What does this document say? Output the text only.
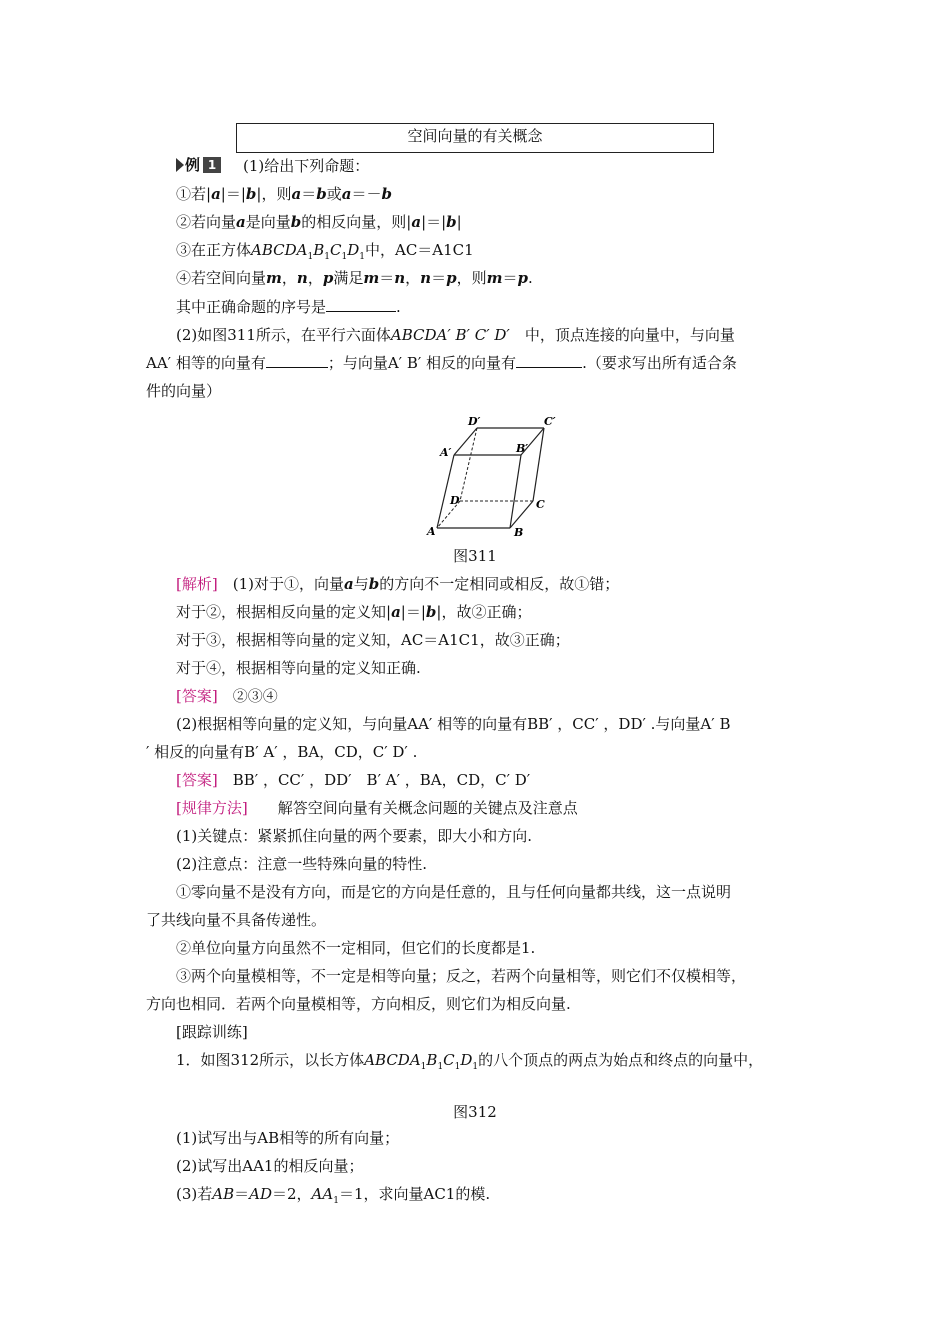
空间向量的有关概念
例 1	(1)给出下列命题：
①若|a|＝|b|，则a＝b或a＝－b
②若向量a是向量b的相反向量，则|a|＝|b|
③在正方体$ABCDA_1B_1C_1D_1$中，AC＝A1C1
④若空间向量m，n，p满足m＝n，n＝p，则m＝p.
其中正确命题的序号是	.
(2)如图311所示，在平行六面体ABCDA′ B′ C′ D′　 中，顶点连接的向量中，与向量
AA′ 相等的向量有	；与向量A′ B′ 相反的向量有	.（要求写出所有适合条
件的向量）
D′	C′
A′	B′
D	C
A	B
图311
[解析]　 (1)对于①，向量a与b的方向不一定相同或相反，故①错；
对于②，根据相反向量的定义知|a|＝|b|，故②正确；
对于③，根据相等向量的定义知，AC＝A1C1，故③正确；
对于④，根据相等向量的定义知正确.
[答案]　 ②③④
(2)根据相等向量的定义知，与向量AA′ 相等的向量有BB′ ，CC′ ，DD′ .与向量A′ B
′ 相反的向量有B′ A′ ，BA，CD，C′ D′ .
[答案]　 BB′ ，CC′ ，DD′　B′ A′ ，BA，CD，C′ D′
[规律方法]　　 解答空间向量有关概念问题的关键点及注意点
(1)关键点：紧紧抓住向量的两个要素，即大小和方向.
(2)注意点：注意一些特殊向量的特性.
①零向量不是没有方向，而是它的方向是任意的，且与任何向量都共线，这一点说明
了共线向量不具备传递性。
②单位向量方向虽然不一定相同，但它们的长度都是1.
③两个向量模相等，不一定是相等向量；反之，若两个向量相等，则它们不仅模相等，
方向也相同．若两个向量模相等，方向相反，则它们为相反向量.
[跟踪训练]
1．如图312所示，以长方体$ABCDA_1B_1C_1D_1$的八个顶点的两点为始点和终点的向量中，
图312
(1)试写出与AB相等的所有向量；
(2)试写出AA1的相反向量；
(3)若AB＝AD＝2，$AA_1=1$，求向量AC1的模.
